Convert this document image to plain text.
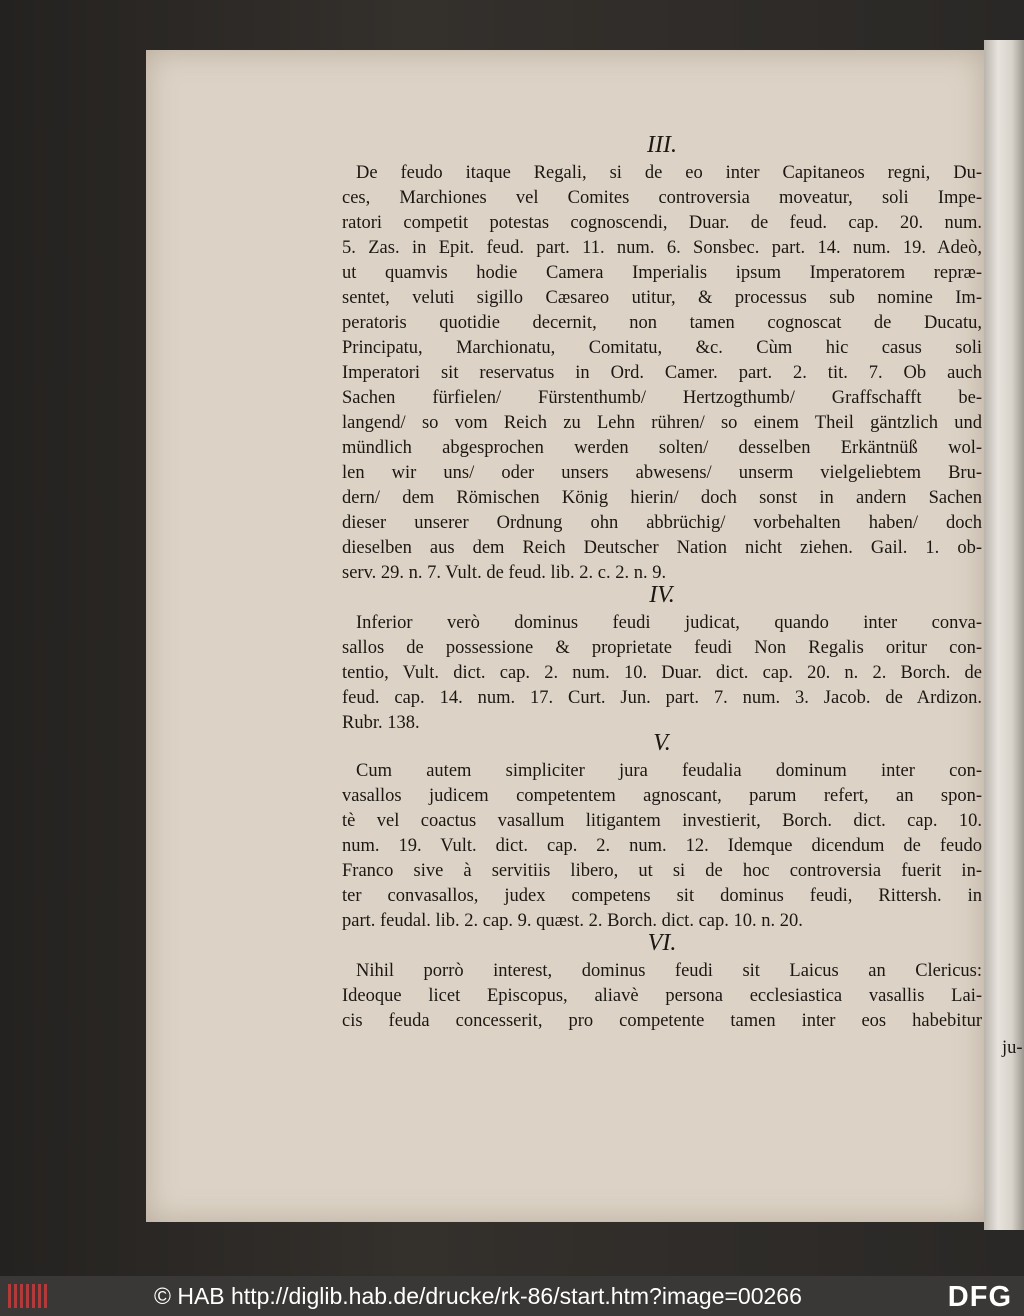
III.
De feudo itaque Regali, si de eo inter Capitaneos regni, Du-
ces, Marchiones vel Comites controversia moveatur, soli Impe-
ratori competit potestas cognoscendi, Duar. de feud. cap. 20. num.
5. Zas. in Epit. feud. part. 11. num. 6. Sonsbec. part. 14. num. 19. Adeò,
ut quamvis hodie Camera Imperialis ipsum Imperatorem repræ-
sentet, veluti sigillo Cæsareo utitur, & processus sub nomine Im-
peratoris quotidie decernit, non tamen cognoscat de Ducatu,
Principatu, Marchionatu, Comitatu, &c. Cùm hic casus soli
Imperatori sit reservatus in Ord. Camer. part. 2. tit. 7. Ob auch
Sachen fürfielen/ Fürstenthumb/ Hertzogthumb/ Graffschafft be-
langend/ so vom Reich zu Lehn rühren/ so einem Theil gäntzlich und
mündlich abgesprochen werden solten/ desselben Erkäntnüß wol-
len wir uns/ oder unsers abwesens/ unserm vielgeliebtem Bru-
dern/ dem Römischen König hierin/ doch sonst in andern Sachen
dieser unserer Ordnung ohn abbrüchig/ vorbehalten haben/ doch
dieselben aus dem Reich Deutscher Nation nicht ziehen. Gail. 1. ob-
serv. 29. n. 7. Vult. de feud. lib. 2. c. 2. n. 9.
IV.
Inferior verò dominus feudi judicat, quando inter conva-
sallos de possessione & proprietate feudi Non Regalis oritur con-
tentio, Vult. dict. cap. 2. num. 10. Duar. dict. cap. 20. n. 2. Borch. de
feud. cap. 14. num. 17. Curt. Jun. part. 7. num. 3. Jacob. de Ardizon.
Rubr. 138.
V.
Cum autem simpliciter jura feudalia dominum inter con-
vasallos judicem competentem agnoscant, parum refert, an spon-
tè vel coactus vasallum litigantem investierit, Borch. dict. cap. 10.
num. 19. Vult. dict. cap. 2. num. 12. Idemque dicendum de feudo
Franco sive à servitiis libero, ut si de hoc controversia fuerit in-
ter convasallos, judex competens sit dominus feudi, Rittersh. in
part. feudal. lib. 2. cap. 9. quæst. 2. Borch. dict. cap. 10. n. 20.
VI.
Nihil porrò interest, dominus feudi sit Laicus an Clericus:
Ideoque licet Episcopus, aliavè persona ecclesiastica vasallis Lai-
cis feuda concesserit, pro competente tamen inter eos habebitur
ju-
© HAB http://diglib.hab.de/drucke/rk-86/start.htm?image=00266	DFG
